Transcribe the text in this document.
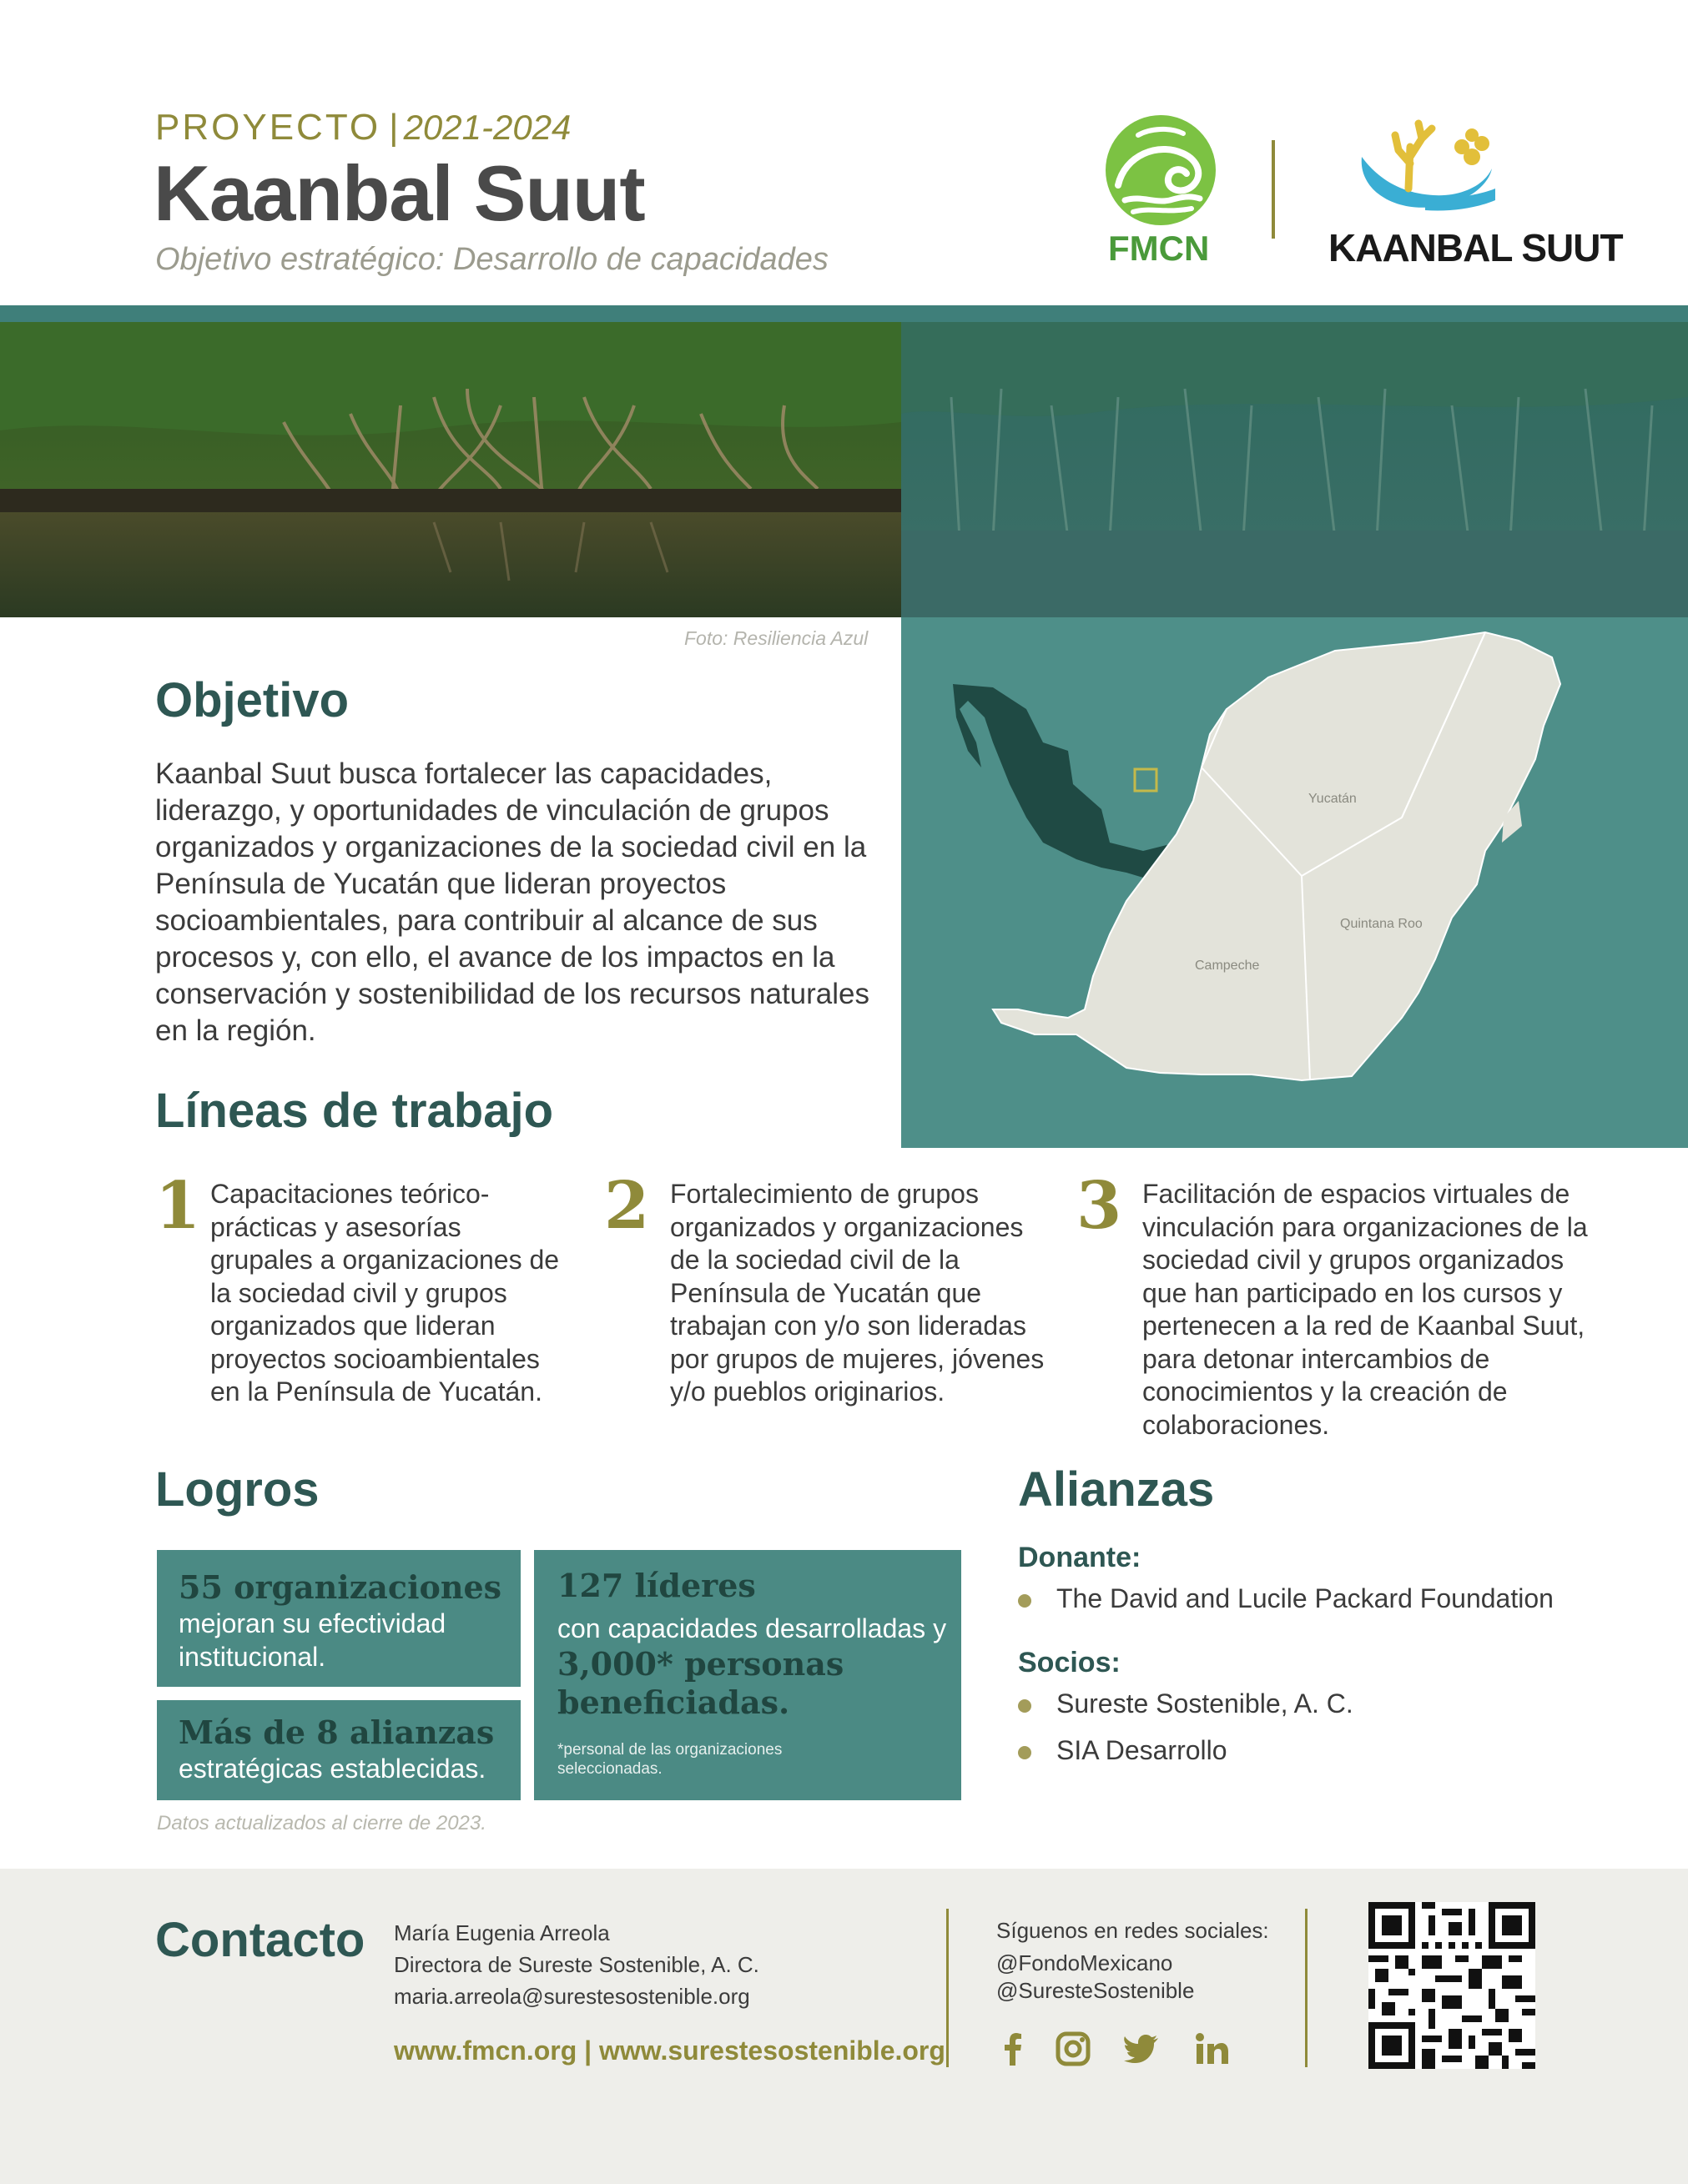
PROYECTO | 2021-2024
Kaanbal Suut
Objetivo estratégico: Desarrollo de capacidades	FMCN	KAANBAL SUUT
Foto: Resiliencia Azul
Yucatán
Quintana Roo
Campeche
Objetivo
Kaanbal Suut busca fortalecer las capacidades, liderazgo, y oportunidades de vinculación de grupos organizados y organizaciones de la sociedad civil en la Península de Yucatán que lideran proyectos socioambientales, para contribuir al alcance de sus procesos y, con ello, el avance de los impactos en la conservación y sostenibilidad de los recursos naturales en la región.
Líneas de trabajo
1 Capacitaciones teórico-prácticas y asesorías grupales a organizaciones de la sociedad civil y grupos organizados que lideran proyectos socioambientales en la Península de Yucatán.
2 Fortalecimiento de grupos organizados y organizaciones de la sociedad civil de la Península de Yucatán que trabajan con y/o son lideradas por grupos de mujeres, jóvenes y/o pueblos originarios.
3 Facilitación de espacios virtuales de vinculación para organizaciones de la sociedad civil y grupos organizados que han participado en los cursos y pertenecen a la red de Kaanbal Suut, para detonar intercambios de conocimientos y la creación de colaboraciones.
Logros
55 organizaciones
mejoran su efectividad institucional.
Más de 8 alianzas
estratégicas establecidas.
127 líderes
con capacidades desarrolladas y
3,000* personas beneficiadas.
*personal de las organizaciones seleccionadas.
Datos actualizados al cierre de 2023.
Alianzas
Donante:
The David and Lucile Packard Foundation
Socios:
Sureste Sostenible, A. C.
SIA Desarrollo
Contacto María Eugenia Arreola
Directora de Sureste Sostenible, A. C.
maria.arreola@surestesostenible.org
www.fmcn.org | www.surestesostenible.org
Síguenos en redes sociales:
@FondoMexicano
@SuresteSostenible
